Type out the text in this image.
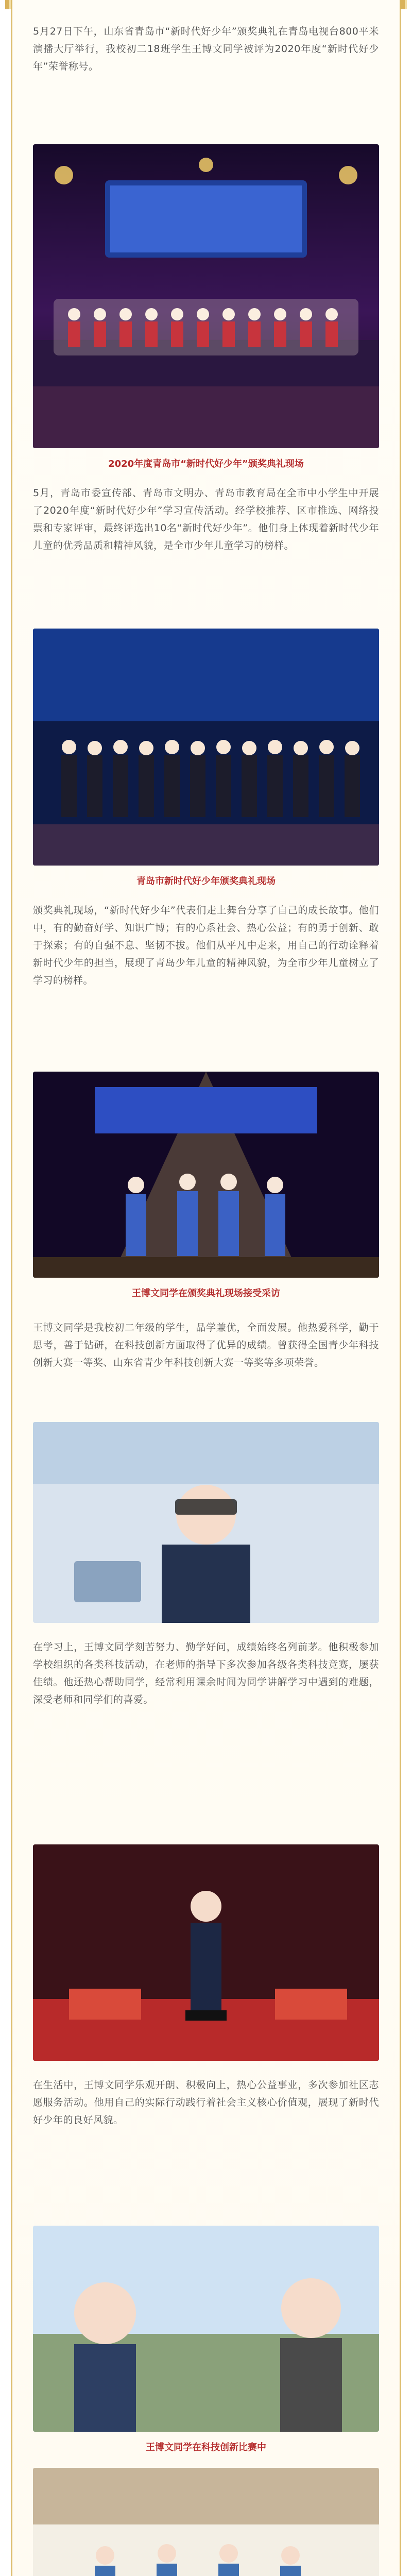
5月27日下午，山东省青岛市“新时代好少年”颁奖典礼在青岛电视台800平米演播大厅举行，我校初二18班学生王博文同学被评为2020年度“新时代好少年”荣誉称号。
2020年度青岛市“新时代好少年”颁奖典礼现场
5月，青岛市委宣传部、青岛市文明办、青岛市教育局在全市中小学生中开展了2020年度“新时代好少年”学习宣传活动。经学校推荐、区市推选、网络投票和专家评审，最终评选出10名“新时代好少年”。他们身上体现着新时代少年儿童的优秀品质和精神风貌，是全市少年儿童学习的榜样。
青岛市新时代好少年颁奖典礼现场
颁奖典礼现场，“新时代好少年”代表们走上舞台分享了自己的成长故事。他们中，有的勤奋好学、知识广博；有的心系社会、热心公益；有的勇于创新、敢于探索；有的自强不息、坚韧不拔。他们从平凡中走来，用自己的行动诠释着新时代少年的担当，展现了青岛少年儿童的精神风貌，为全市少年儿童树立了学习的榜样。
王博文同学在颁奖典礼现场接受采访
王博文同学是我校初二年级的学生，品学兼优，全面发展。他热爱科学，勤于思考，善于钻研，在科技创新方面取得了优异的成绩。曾获得全国青少年科技创新大赛一等奖、山东省青少年科技创新大赛一等奖等多项荣誉。
在学习上，王博文同学刻苦努力、勤学好问，成绩始终名列前茅。他积极参加学校组织的各类科技活动，在老师的指导下多次参加各级各类科技竞赛，屡获佳绩。他还热心帮助同学，经常利用课余时间为同学讲解学习中遇到的难题，深受老师和同学们的喜爱。
在生活中，王博文同学乐观开朗、积极向上，热心公益事业，多次参加社区志愿服务活动。他用自己的实际行动践行着社会主义核心价值观，展现了新时代好少年的良好风貌。
王博文同学在科技创新比赛中
